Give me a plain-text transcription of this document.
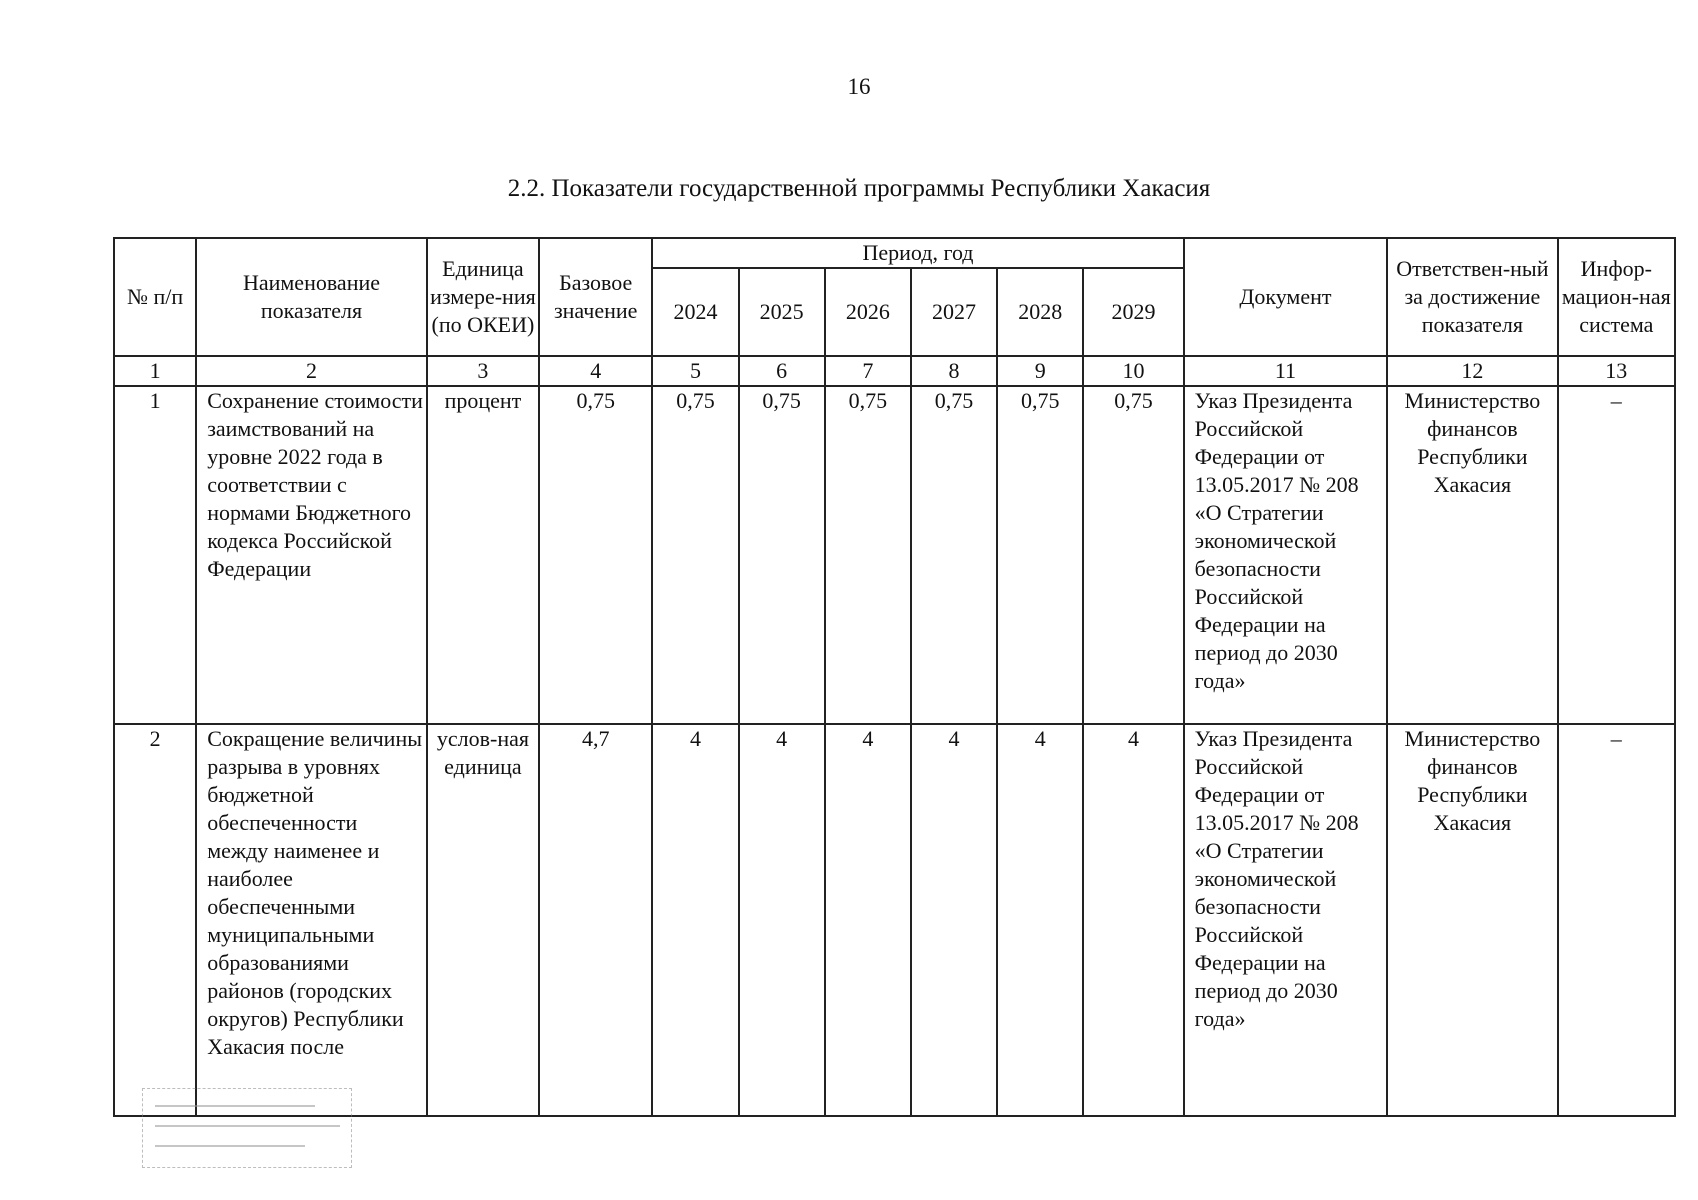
16
2.2. Показатели государственной программы Республики Хакасия
№ п/п	Наименование показателя	Единица измере-ния (по ОКЕИ)	Базовое значение	Период, год						Документ	Ответствен-ный за достижение показателя	Инфор-мацион-ная система
				2024	2025	2026	2027	2028	2029			
1	2	3	4	5	6	7	8	9	10	11	12	13
1	Сохранение стоимости заимствований на уровне 2022 года в соответствии с нормами Бюджетного кодекса Российской Федерации	процент	0,75	0,75	0,75	0,75	0,75	0,75	0,75	Указ Президента Российской Федерации от 13.05.2017 № 208 «О Стратегии экономической безопасности Российской Федерации на период до 2030 года»	Министерство финансов Республики Хакасия	–
2	Сокращение величины разрыва в уровнях бюджетной обеспеченности между наименее и наиболее обеспеченными муниципальными образованиями районов (городских округов) Республики Хакасия после	услов-ная единица	4,7	4	4	4	4	4	4	Указ Президента Российской Федерации от 13.05.2017 № 208 «О Стратегии экономической безопасности Российской Федерации на период до 2030 года»	Министерство финансов Республики Хакасия	–
